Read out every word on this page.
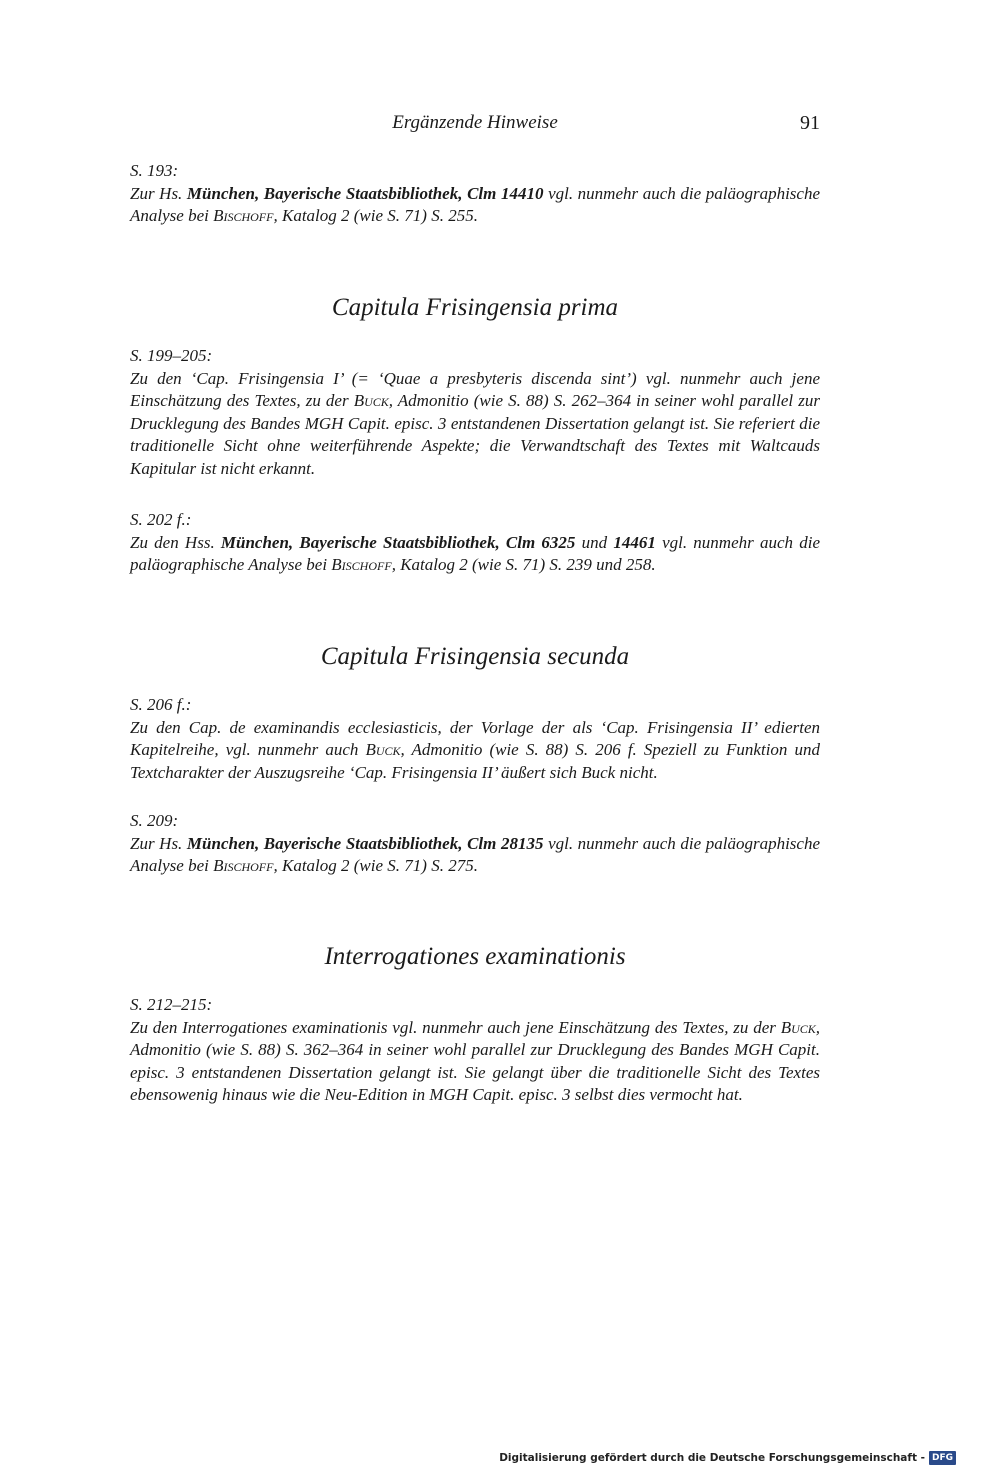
Ergänzende Hinweise	91
S. 193:
Zur Hs. München, Bayerische Staatsbibliothek, Clm 14410 vgl. nunmehr auch die paläographische Analyse bei Bischoff, Katalog 2 (wie S. 71) S. 255.
Capitula Frisingensia prima
S. 199–205:
Zu den ‘Cap. Frisingensia I’ (= ‘Quae a presbyteris discenda sint’) vgl. nunmehr auch jene Einschätzung des Textes, zu der Buck, Admonitio (wie S. 88) S. 262–364 in seiner wohl parallel zur Drucklegung des Bandes MGH Capit. episc. 3 entstandenen Dissertation gelangt ist. Sie referiert die traditionelle Sicht ohne weiterführende Aspekte; die Verwandtschaft des Textes mit Waltcauds Kapitular ist nicht erkannt.
S. 202 f.:
Zu den Hss. München, Bayerische Staatsbibliothek, Clm 6325 und 14461 vgl. nunmehr auch die paläographische Analyse bei Bischoff, Katalog 2 (wie S. 71) S. 239 und 258.
Capitula Frisingensia secunda
S. 206 f.:
Zu den Cap. de examinandis ecclesiasticis, der Vorlage der als ‘Cap. Frisingensia II’ edierten Kapitelreihe, vgl. nunmehr auch Buck, Admonitio (wie S. 88) S. 206 f. Speziell zu Funktion und Textcharakter der Auszugsreihe ‘Cap. Frisingensia II’ äußert sich Buck nicht.
S. 209:
Zur Hs. München, Bayerische Staatsbibliothek, Clm 28135 vgl. nunmehr auch die paläographische Analyse bei Bischoff, Katalog 2 (wie S. 71) S. 275.
Interrogationes examinationis
S. 212–215:
Zu den Interrogationes examinationis vgl. nunmehr auch jene Einschätzung des Textes, zu der Buck, Admonitio (wie S. 88) S. 362–364 in seiner wohl parallel zur Drucklegung des Bandes MGH Capit. episc. 3 entstandenen Dissertation gelangt ist. Sie gelangt über die traditionelle Sicht des Textes ebensowenig hinaus wie die Neu-Edition in MGH Capit. episc. 3 selbst dies vermocht hat.
Digitalisierung gefördert durch die Deutsche Forschungsgemeinschaft - DFG
